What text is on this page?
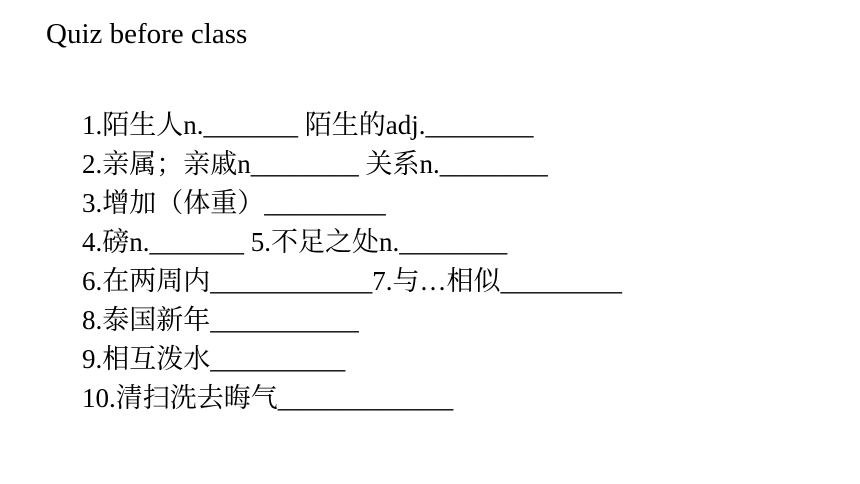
Quiz before class
1.陌生人n._______ 陌生的adj.________
2.亲属；亲戚n________ 关系n.________
3.增加（体重）_________
4.磅n._______ 5.不足之处n.________
6.在两周内____________7.与…相似_________
8.泰国新年___________
9.相互泼水__________
10.清扫洗去晦气_____________
